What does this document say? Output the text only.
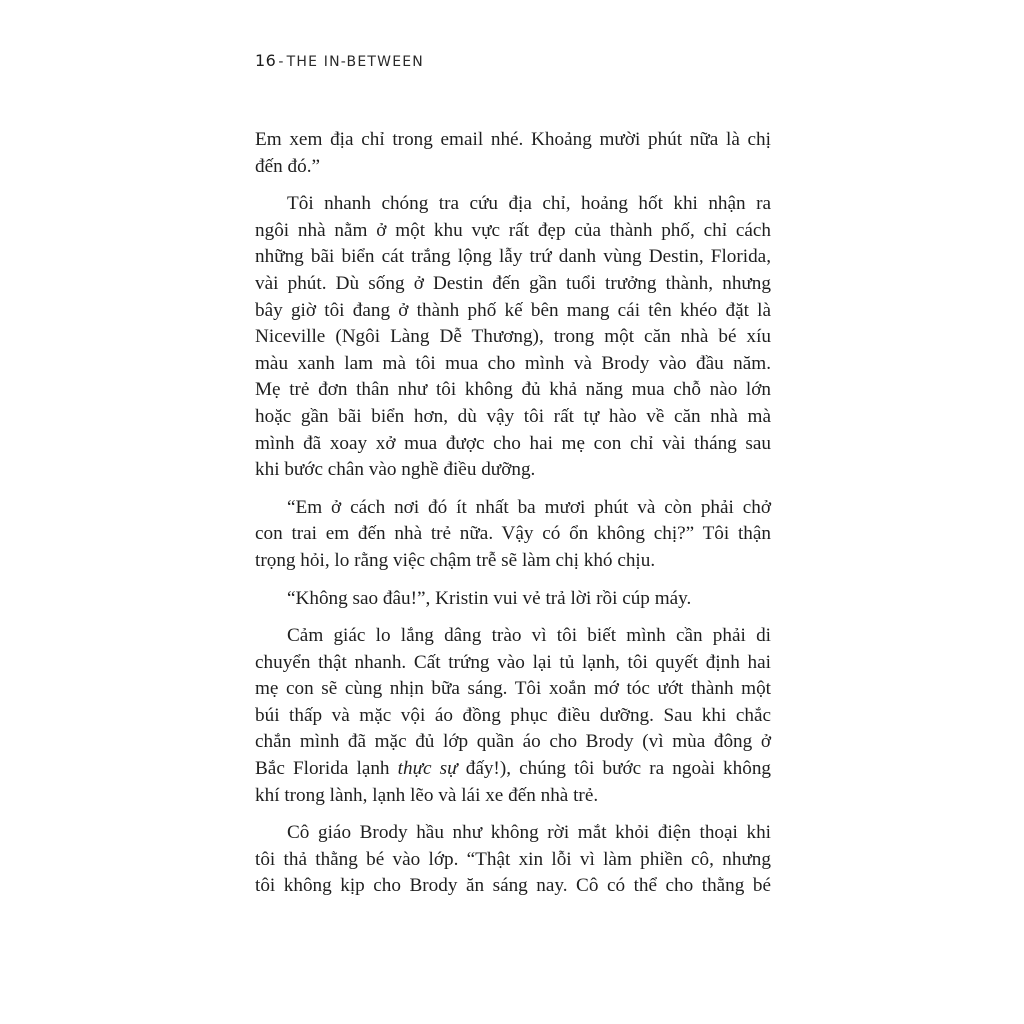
16 - THE IN-BETWEEN
Em xem địa chỉ trong email nhé. Khoảng mười phút nữa là chị
đến đó.”
Tôi nhanh chóng tra cứu địa chỉ, hoảng hốt khi nhận ra
ngôi nhà nằm ở một khu vực rất đẹp của thành phố, chỉ cách
những bãi biển cát trắng lộng lẫy trứ danh vùng Destin, Florida,
vài phút. Dù sống ở Destin đến gần tuổi trưởng thành, nhưng
bây giờ tôi đang ở thành phố kế bên mang cái tên khéo đặt là
Niceville (Ngôi Làng Dễ Thương), trong một căn nhà bé xíu
màu xanh lam mà tôi mua cho mình và Brody vào đầu năm.
Mẹ trẻ đơn thân như tôi không đủ khả năng mua chỗ nào lớn
hoặc gần bãi biển hơn, dù vậy tôi rất tự hào về căn nhà mà
mình đã xoay xở mua được cho hai mẹ con chỉ vài tháng sau
khi bước chân vào nghề điều dưỡng.
“Em ở cách nơi đó ít nhất ba mươi phút và còn phải chở
con trai em đến nhà trẻ nữa. Vậy có ổn không chị?” Tôi thận
trọng hỏi, lo rằng việc chậm trễ sẽ làm chị khó chịu.
“Không sao đâu!”, Kristin vui vẻ trả lời rồi cúp máy.
Cảm giác lo lắng dâng trào vì tôi biết mình cần phải di
chuyển thật nhanh. Cất trứng vào lại tủ lạnh, tôi quyết định hai
mẹ con sẽ cùng nhịn bữa sáng. Tôi xoắn mớ tóc ướt thành một
búi thấp và mặc vội áo đồng phục điều dưỡng. Sau khi chắc
chắn mình đã mặc đủ lớp quần áo cho Brody (vì mùa đông ở
Bắc Florida lạnh thực sự đấy!), chúng tôi bước ra ngoài không
khí trong lành, lạnh lẽo và lái xe đến nhà trẻ.
Cô giáo Brody hầu như không rời mắt khỏi điện thoại khi
tôi thả thằng bé vào lớp. “Thật xin lỗi vì làm phiền cô, nhưng
tôi không kịp cho Brody ăn sáng nay. Cô có thể cho thằng bé
